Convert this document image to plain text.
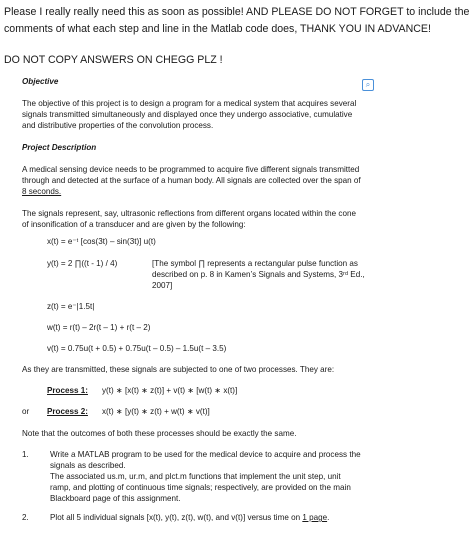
Please I really really need this as soon as possible! AND PLEASE DO NOT FORGET to include the

comments of what each step and line in the Matlab code does, THANK YOU IN ADVANCE!

DO NOT COPY ANSWERS ON CHEGG PLZ !

⌕

Objective

The objective of this project is to design a program for a medical system that acquires several

signals transmitted simultaneously and displayed once they undergo associative, cumulative

and distributive properties of the convolution process.

Project Description

A medical sensing device needs to be programmed to acquire five different signals transmitted

through and detected at the surface of a human body. All signals are collected over the span of

8 seconds.

The signals represent, say, ultrasonic reflections from different organs located within the cone

of insonification of a transducer and are given by the following:

x(t) = e⁻ᵗ [cos(3t) – sin(3t)] u(t)
y(t) = 2 ∏((t - 1) / 4)	[The symbol ∏ represents a rectangular pulse function as
described on p. 8 in Kamen’s Signals and Systems, 3ʳᵈ Ed.,
2007]
z(t) = e⁻|1.5t|
w(t) = r(t) – 2r(t – 1) + r(t – 2)
v(t) = 0.75u(t + 0.5) + 0.75u(t – 0.5) – 1.5u(t – 3.5)
As they are transmitted, these signals are subjected to one of two processes. They are:
Process 1: y(t) ∗ [x(t) ∗ z(t)] + v(t) ∗ [w(t) ∗ x(t)]
or Process 2: x(t) ∗ [y(t) ∗ z(t) + w(t) ∗ v(t)]
Note that the outcomes of both these processes should be exactly the same.
1.	Write a MATLAB program to be used for the medical device to acquire and process the
signals as described.
The associated us.m, ur.m, and plct.m functions that implement the unit step, unit
ramp, and plotting of continuous time signals; respectively, are provided on the main
Blackboard page of this assignment.
2.	Plot all 5 individual signals [x(t), y(t), z(t), w(t), and v(t)] versus time on 1 page.
